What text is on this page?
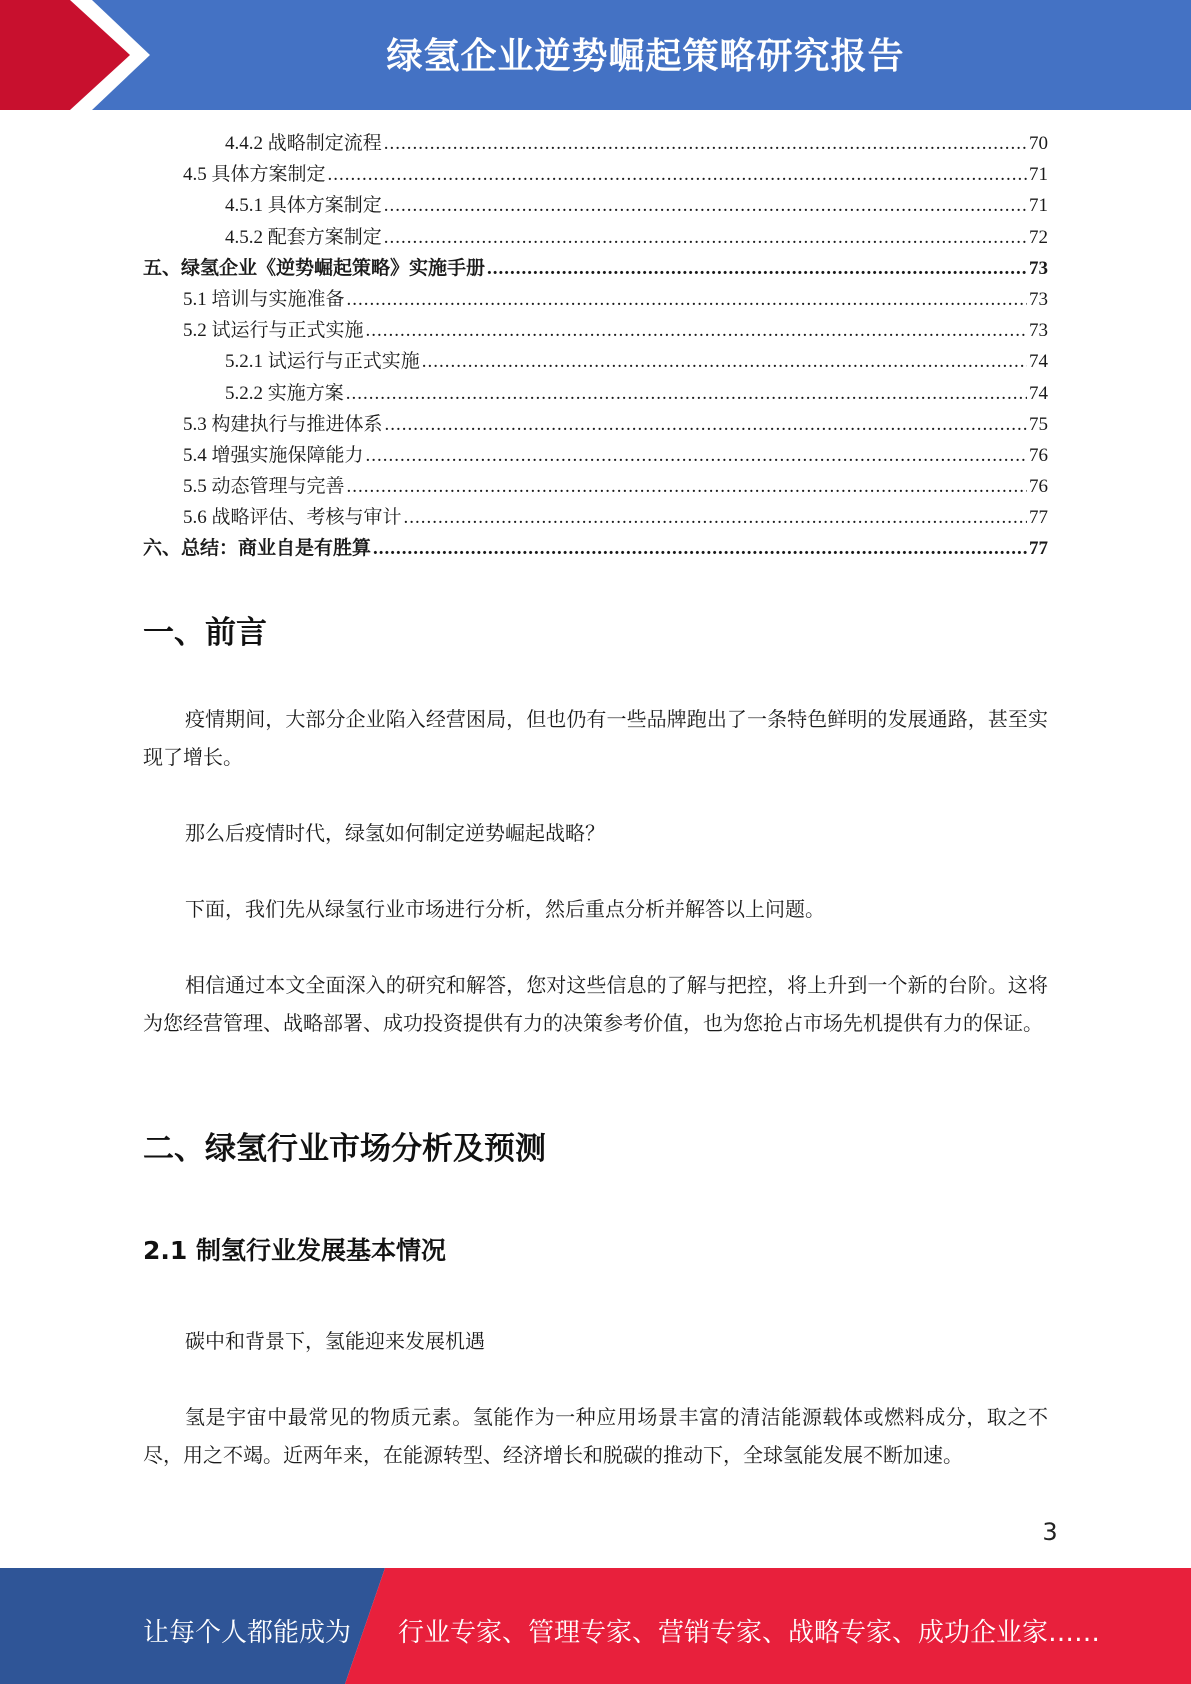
绿氢企业逆势崛起策略研究报告
4.4.2 战略制定流程 .....	70
4.5 具体方案制定 .....	71
4.5.1 具体方案制定 .....	71
4.5.2 配套方案制定 .....	72
五、绿氢企业《逆势崛起策略》实施手册 .....	73
5.1 培训与实施准备 .....	73
5.2 试运行与正式实施 .....	73
5.2.1 试运行与正式实施 .....	74
5.2.2 实施方案 .....	74
5.3 构建执行与推进体系 .....	75
5.4 增强实施保障能力 .....	76
5.5 动态管理与完善 .....	76
5.6 战略评估、考核与审计 .....	77
六、总结：商业自是有胜算 .....	77
一、前言
疫情期间，大部分企业陷入经营困局，但也仍有一些品牌跑出了一条特色鲜明的发展通路，甚至实现了增长。
那么后疫情时代，绿氢如何制定逆势崛起战略？
下面，我们先从绿氢行业市场进行分析，然后重点分析并解答以上问题。
相信通过本文全面深入的研究和解答，您对这些信息的了解与把控，将上升到一个新的台阶。这将为您经营管理、战略部署、成功投资提供有力的决策参考价值，也为您抢占市场先机提供有力的保证。
二、绿氢行业市场分析及预测
2.1 制氢行业发展基本情况
碳中和背景下，氢能迎来发展机遇
氢是宇宙中最常见的物质元素。氢能作为一种应用场景丰富的清洁能源载体或燃料成分，取之不尽，用之不竭。近两年来，在能源转型、经济增长和脱碳的推动下，全球氢能发展不断加速。
3
让每个人都能成为 行业专家、管理专家、营销专家、战略专家、成功企业家……
